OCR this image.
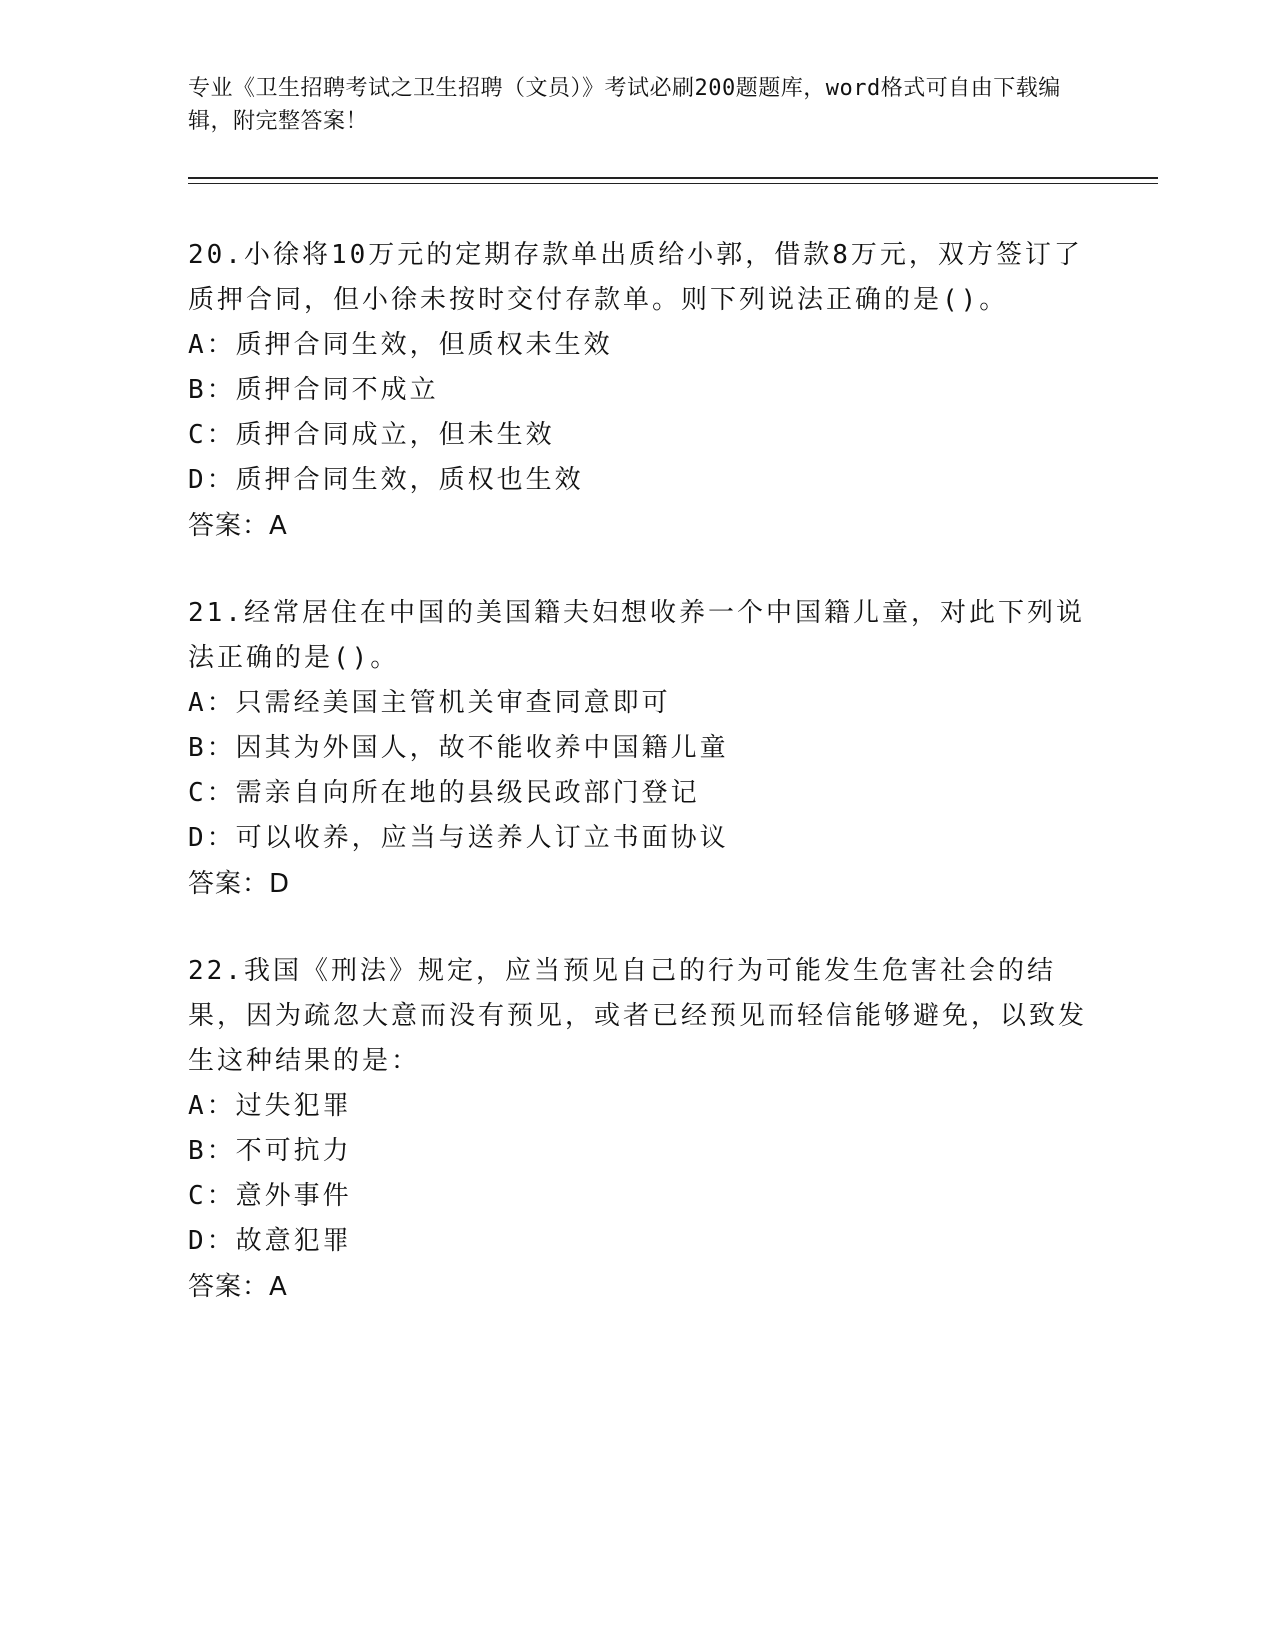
专业《卫生招聘考试之卫生招聘（文员）》考试必刷200题题库，word格式可自由下载编辑，附完整答案！
20.小徐将10万元的定期存款单出质给小郭，借款8万元，双方签订了质押合同，但小徐未按时交付存款单。则下列说法正确的是()。
A：质押合同生效，但质权未生效
B：质押合同不成立
C：质押合同成立，但未生效
D：质押合同生效，质权也生效
答案：A
21.经常居住在中国的美国籍夫妇想收养一个中国籍儿童，对此下列说法正确的是()。
A：只需经美国主管机关审查同意即可
B：因其为外国人，故不能收养中国籍儿童
C：需亲自向所在地的县级民政部门登记
D：可以收养，应当与送养人订立书面协议
答案：D
22.我国《刑法》规定，应当预见自己的行为可能发生危害社会的结果，因为疏忽大意而没有预见，或者已经预见而轻信能够避免，以致发生这种结果的是：
A：过失犯罪
B：不可抗力
C：意外事件
D：故意犯罪
答案：A
